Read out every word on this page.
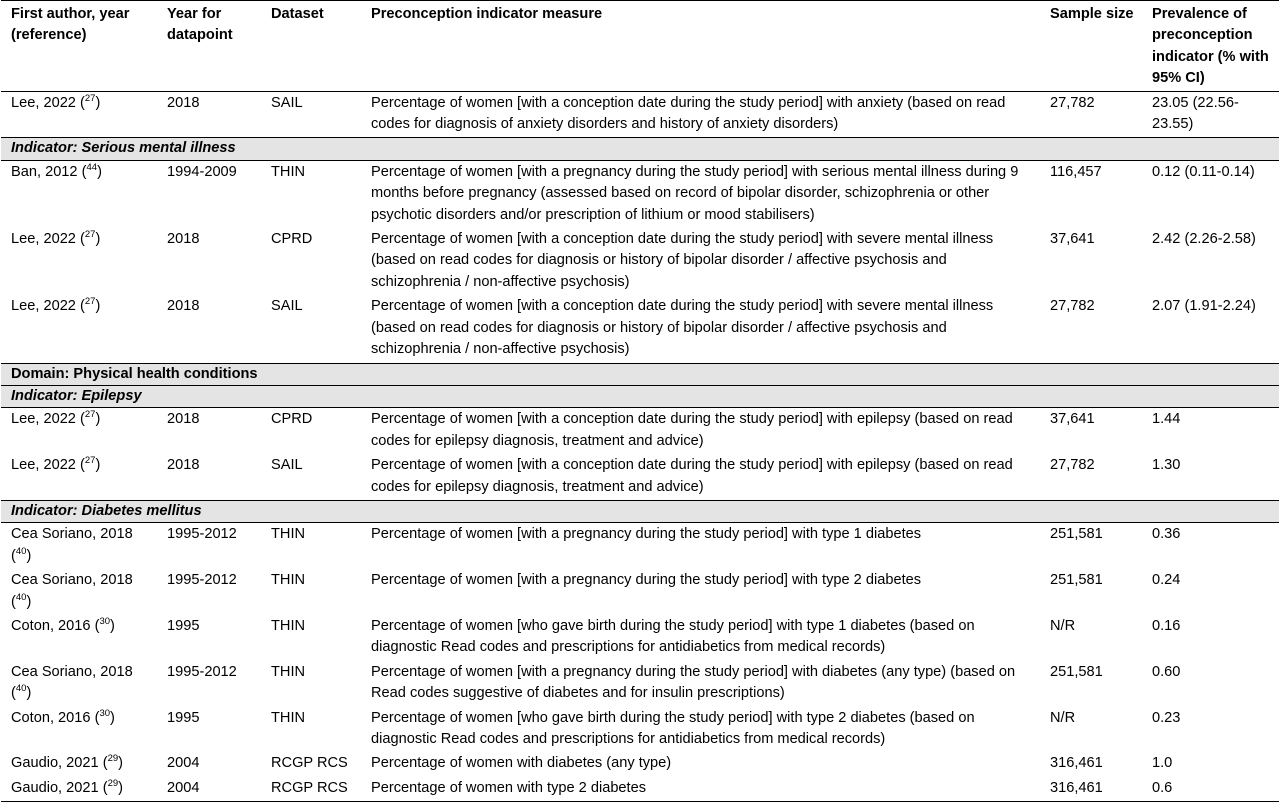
First author, year (reference)	Year for datapoint	Dataset	Preconception indicator measure	Sample size	Prevalence of preconception indicator (% with 95% CI)
Lee, 2022 ($^{27}$)	2018	SAIL	Percentage of women [with a conception date during the study period] with anxiety (based on read codes for diagnosis of anxiety disorders and history of anxiety disorders)	27,782	23.05 (22.56-23.55)
Indicator: Serious mental illness					
Ban, 2012 ($^{44}$)	1994-2009	THIN	Percentage of women [with a pregnancy during the study period] with serious mental illness during 9 months before pregnancy (assessed based on record of bipolar disorder, schizophrenia or other psychotic disorders and/or prescription of lithium or mood stabilisers)	116,457	0.12 (0.11-0.14)
Lee, 2022 ($^{27}$)	2018	CPRD	Percentage of women [with a conception date during the study period] with severe mental illness (based on read codes for diagnosis or history of bipolar disorder / affective psychosis and schizophrenia / non-affective psychosis)	37,641	2.42 (2.26-2.58)
Lee, 2022 ($^{27}$)	2018	SAIL	Percentage of women [with a conception date during the study period] with severe mental illness (based on read codes for diagnosis or history of bipolar disorder / affective psychosis and schizophrenia / non-affective psychosis)	27,782	2.07 (1.91-2.24)
Domain: Physical health conditions					
Indicator: Epilepsy					
Lee, 2022 ($^{27}$)	2018	CPRD	Percentage of women [with a conception date during the study period] with epilepsy (based on read codes for epilepsy diagnosis, treatment and advice)	37,641	1.44
Lee, 2022 ($^{27}$)	2018	SAIL	Percentage of women [with a conception date during the study period] with epilepsy (based on read codes for epilepsy diagnosis, treatment and advice)	27,782	1.30
Indicator: Diabetes mellitus					
Cea Soriano, 2018 ($^{40}$)	1995-2012	THIN	Percentage of women [with a pregnancy during the study period] with type 1 diabetes	251,581	0.36
Cea Soriano, 2018 ($^{40}$)	1995-2012	THIN	Percentage of women [with a pregnancy during the study period] with type 2 diabetes	251,581	0.24
Coton, 2016 ($^{30}$)	1995	THIN	Percentage of women [who gave birth during the study period] with type 1 diabetes (based on diagnostic Read codes and prescriptions for antidiabetics from medical records)	N/R	0.16
Cea Soriano, 2018 ($^{40}$)	1995-2012	THIN	Percentage of women [with a pregnancy during the study period] with diabetes (any type) (based on Read codes suggestive of diabetes and for insulin prescriptions)	251,581	0.60
Coton, 2016 ($^{30}$)	1995	THIN	Percentage of women [who gave birth during the study period] with type 2 diabetes (based on diagnostic Read codes and prescriptions for antidiabetics from medical records)	N/R	0.23
Gaudio, 2021 ($^{29}$)	2004	RCGP RCS	Percentage of women with diabetes (any type)	316,461	1.0
Gaudio, 2021 ($^{29}$)	2004	RCGP RCS	Percentage of women with type 2 diabetes	316,461	0.6
